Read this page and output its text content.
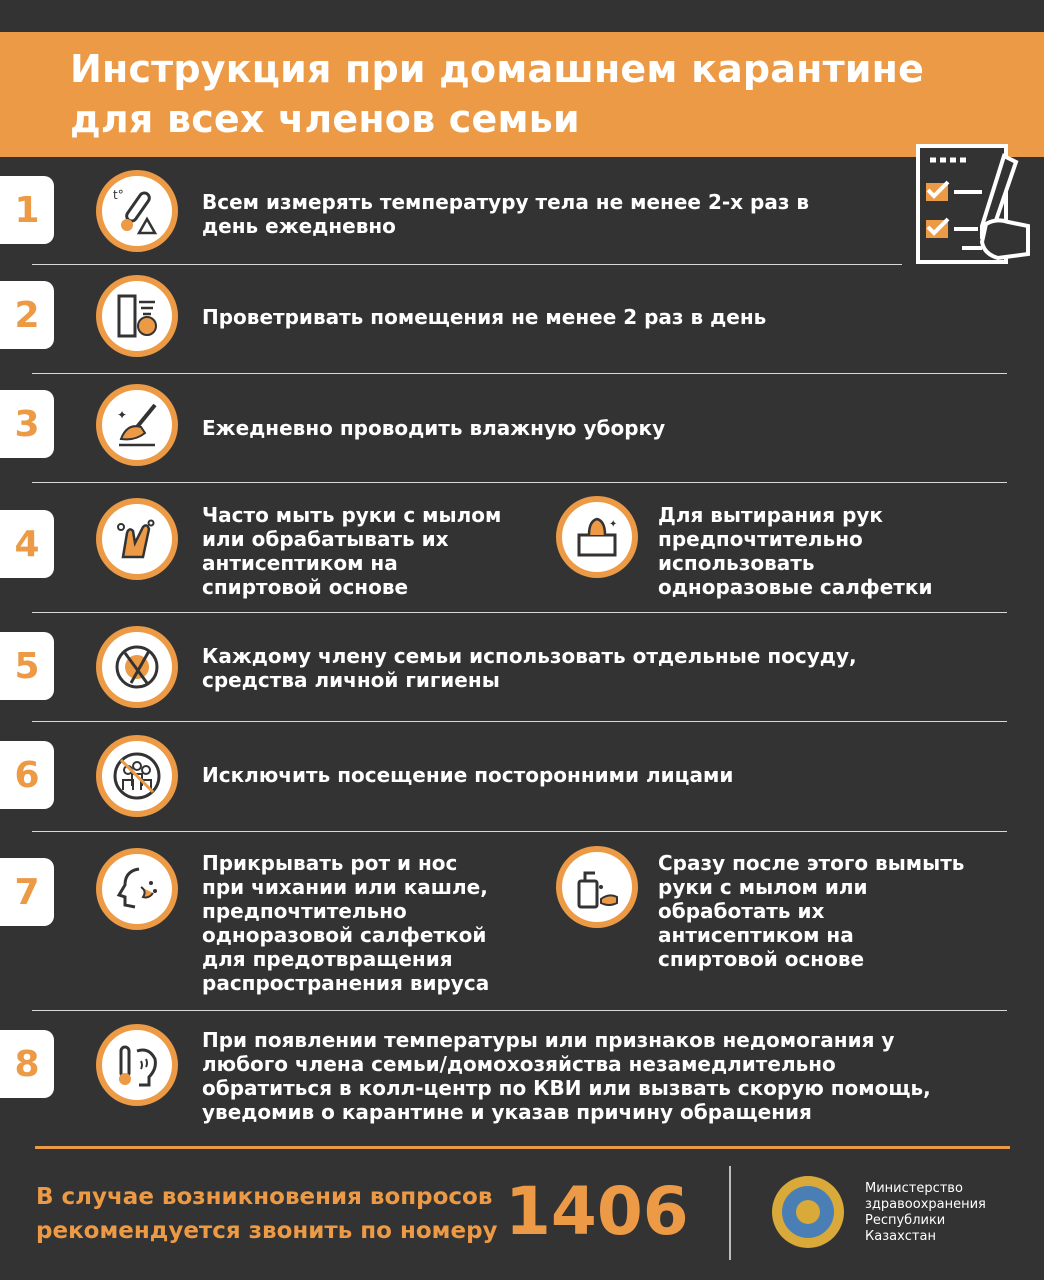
Инструкция при домашнем карантине
для всех членов семьи
1	t°	Всем измерять температуру тела не менее 2-х раз в день ежедневно
2	Проветривать помещения не менее 2 раз в день
3	✦
Ежедневно проводить влажную уборку
4
Часто мыть руки с мылом или обрабатывать их антисептиком на спиртовой основе
✦ Для вытирания рук предпочтительно использовать одноразовые салфетки
5	Каждому члену семьи использовать отдельные посуду, средства личной гигиены
6	Исключить посещение посторонними лицами
7
Прикрывать рот и нос при чихании или кашле, предпочтительно одноразовой салфеткой для предотвращения распространения вируса
Сразу после этого вымыть руки с мылом или обработать их антисептиком на спиртовой основе
8
При появлении температуры или признаков недомогания у любого члена семьи/домохозяйства незамедлительно обратиться в колл-центр по КВИ или вызвать скорую помощь, уведомив о карантине и указав причину обращения
В случае возникновения вопросов
рекомендуется звонить по номеру 1406	Министерство
здравоохранения
Республики
Казахстан
